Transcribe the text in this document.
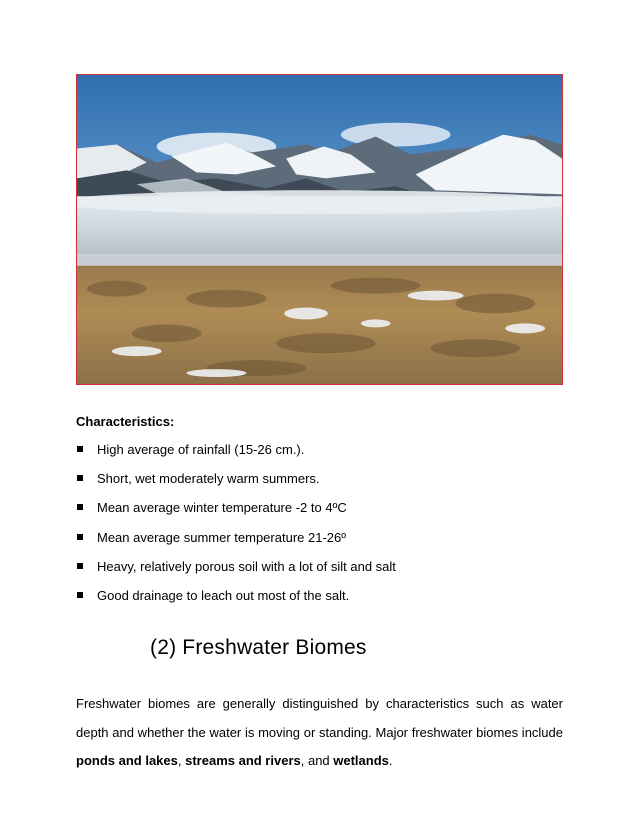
Characteristics:
High average of rainfall (15-26 cm.).
Short, wet moderately warm summers.
Mean average winter temperature -2 to 4ºC
Mean average summer temperature 21-26º
Heavy, relatively porous soil with a lot of silt and salt
Good drainage to leach out most of the salt.
(2) Freshwater Biomes

Freshwater biomes are generally distinguished by characteristics such as water depth and whether the water is moving or standing. Major freshwater biomes include ponds and lakes, streams and rivers, and wetlands.
